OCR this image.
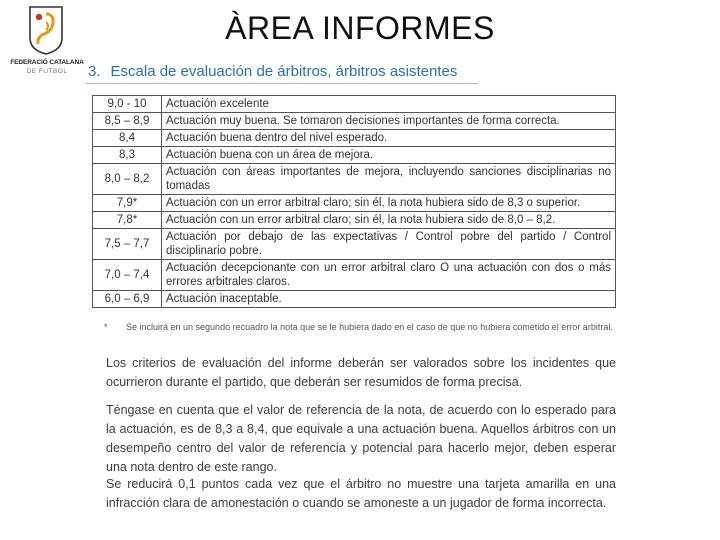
FEDERACIÓ CATALANA
DE FUTBOL
ÀREA INFORMES
3. Escala de evaluación de árbitros, árbitros asistentes
9,0 - 10	Actuación excelente
8,5 – 8,9	Actuación muy buena. Se tomaron decisiones importantes de forma correcta.
8,4	Actuación buena dentro del nivel esperado.
8,3	Actuación buena con un área de mejora.
8,0 – 8,2	Actuación con áreas importantes de mejora, incluyendo sanciones disciplinarias no tomadas
7,9*	Actuación con un error arbitral claro; sin él, la nota hubiera sido de 8,3 o superior.
7,8*	Actuación con un error arbitral claro; sin él, la nota hubiera sido de 8,0 – 8,2.
7,5 – 7,7	Actuación por debajo de las expectativas / Control pobre del partido / Control disciplinario pobre.
7,0 – 7,4	Actuación decepcionante con un error arbitral claro O una actuación con dos o más errores arbitrales claros.
6,0 – 6,9	Actuación inaceptable.
* Se incluirá en un segundo recuadro la nota que se le hubiera dado en el caso de que no hubiera cometido el error arbitral.
Los criterios de evaluación del informe deberán ser valorados sobre los incidentes que ocurrieron durante el partido, que deberán ser resumidos de forma precisa.
Téngase en cuenta que el valor de referencia de la nota, de acuerdo con lo esperado para la actuación, es de 8,3 a 8,4, que equivale a una actuación buena. Aquellos árbitros con un desempeño centro del valor de referencia y potencial para hacerlo mejor, deben esperar una nota dentro de este rango.
Se reducirá 0,1 puntos cada vez que el árbitro no muestre una tarjeta amarilla en una infracción clara de amonestación o cuando se amoneste a un jugador de forma incorrecta.
